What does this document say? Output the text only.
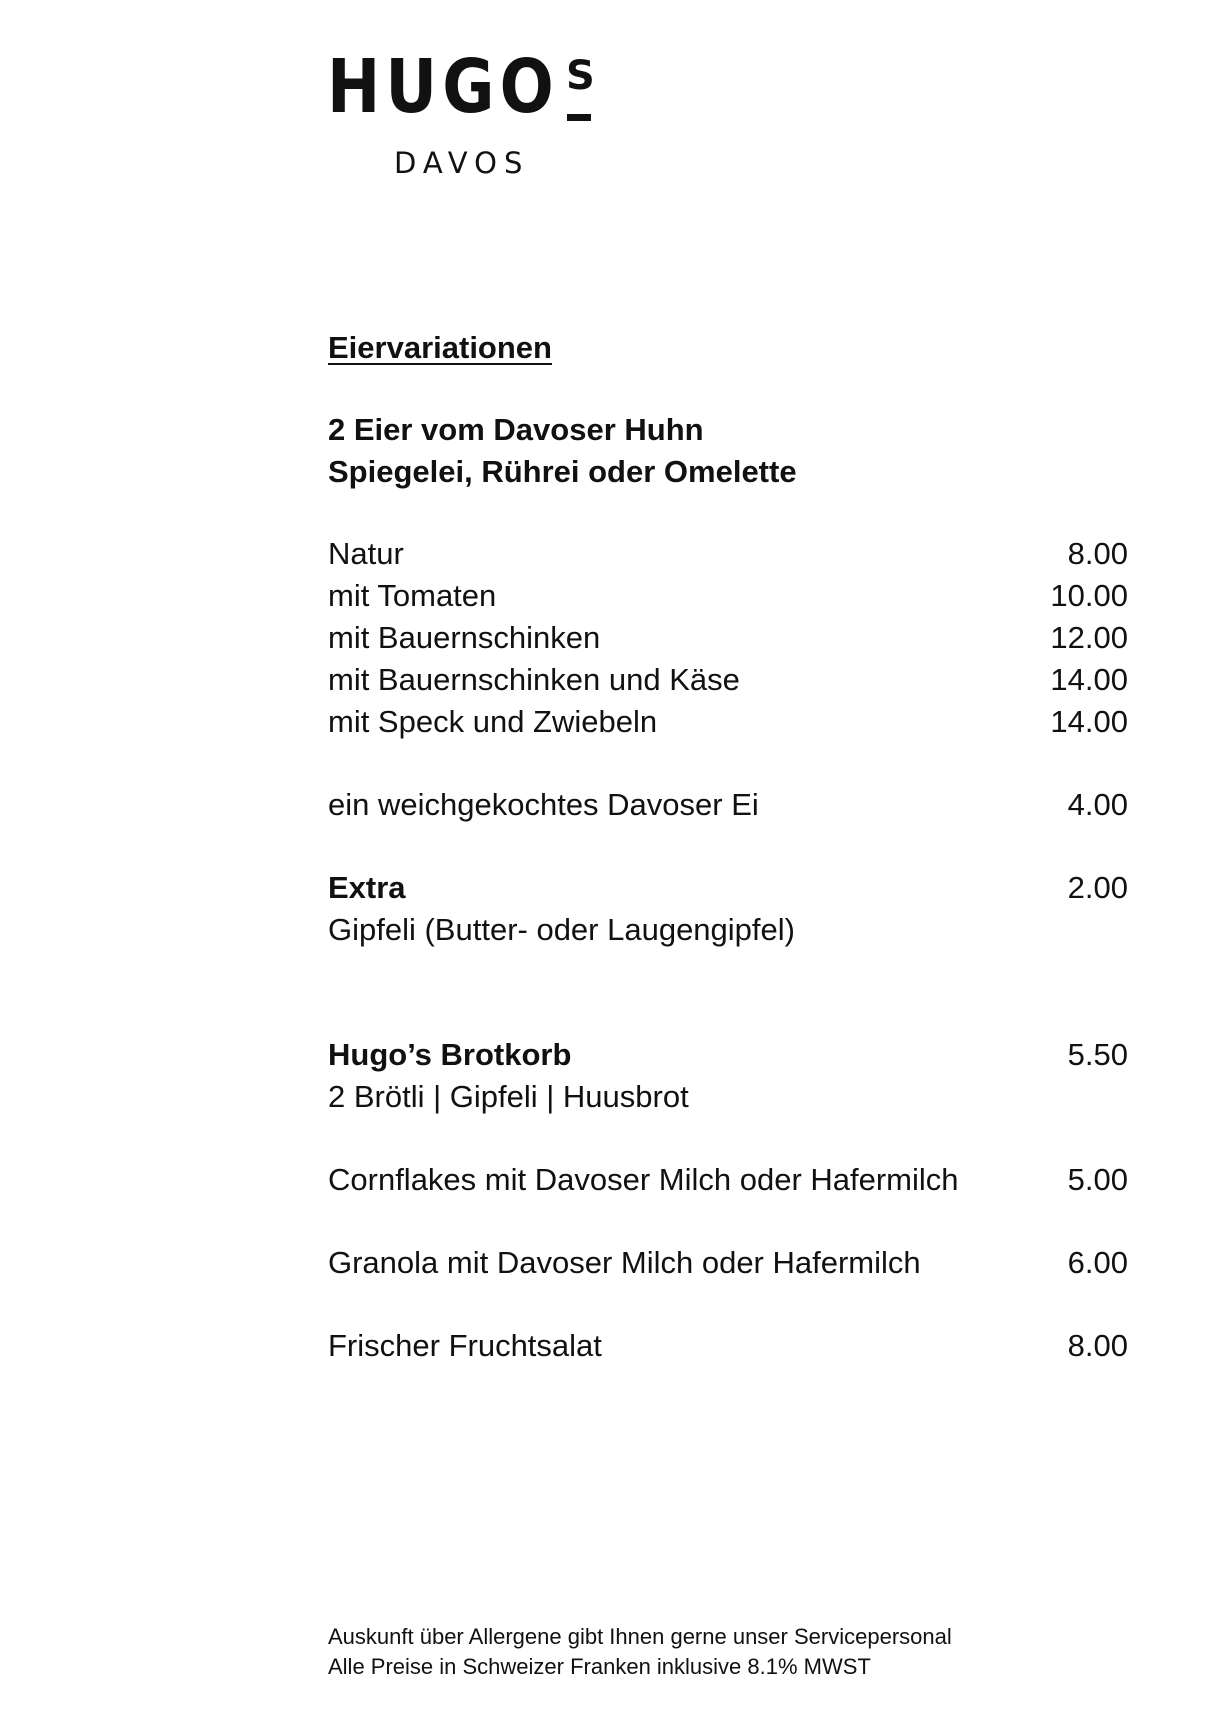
HUGO S
DAVOS
Eiervariationen
2 Eier vom Davoser Huhn
Spiegelei, Rührei oder Omelette
Natur	8.00
mit Tomaten	10.00
mit Bauernschinken	12.00
mit Bauernschinken und Käse	14.00
mit Speck und Zwiebeln	14.00
ein weichgekochtes Davoser Ei	4.00
Extra	2.00
Gipfeli (Butter- oder Laugengipfel)
Hugo’s Brotkorb	5.50
2 Brötli | Gipfeli | Huusbrot
Cornflakes mit Davoser Milch oder Hafermilch	5.00
Granola mit Davoser Milch oder Hafermilch	6.00
Frischer Fruchtsalat	8.00
Auskunft über Allergene gibt Ihnen gerne unser Servicepersonal
Alle Preise in Schweizer Franken inklusive 8.1% MWST
